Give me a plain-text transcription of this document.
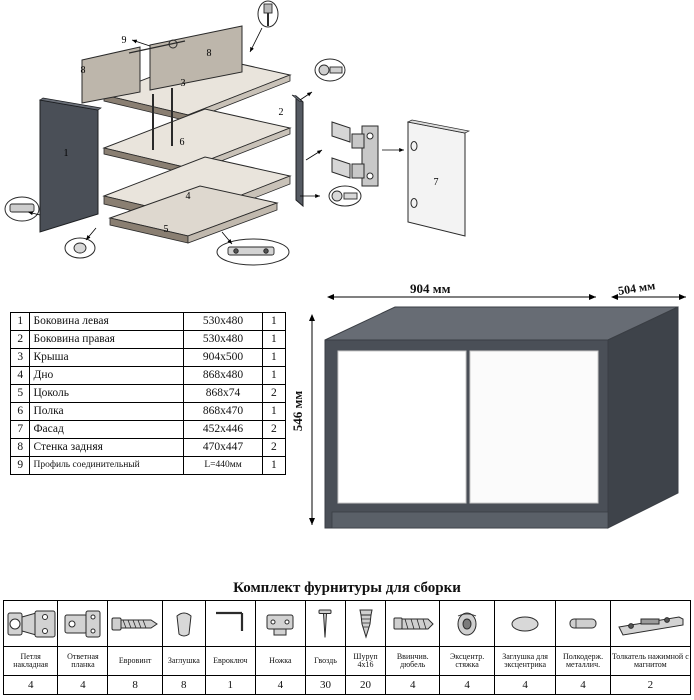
1
2
3
4
5
6
7
8
8
9
1	Боковина левая	530x480	1
2	Боковина правая	530x480	1
3	Крыша	904x500	1
4	Дно	868x480	1
5	Цоколь	868x74	2
6	Полка	868x470	1
7	Фасад	452x446	2
8	Стенка задняя	470x447	2
9	Профиль соединительный	L=440мм	1
904 мм	504 мм
546 мм
Комплект фурнитуры для сборки

Петля накладная	Ответная планка	Евровинт	Заглушка	Евроключ	Ножка	Гвоздь	Шуруп 4х16	Ввинчив. дюбель	Эксцентр. стяжка	Заглушка для эксцентрика	Полкодерж. металлич.	Толкатель нажимной с магнитом
4	4	8	8	1	4	30	20	4	4	4	4	2
